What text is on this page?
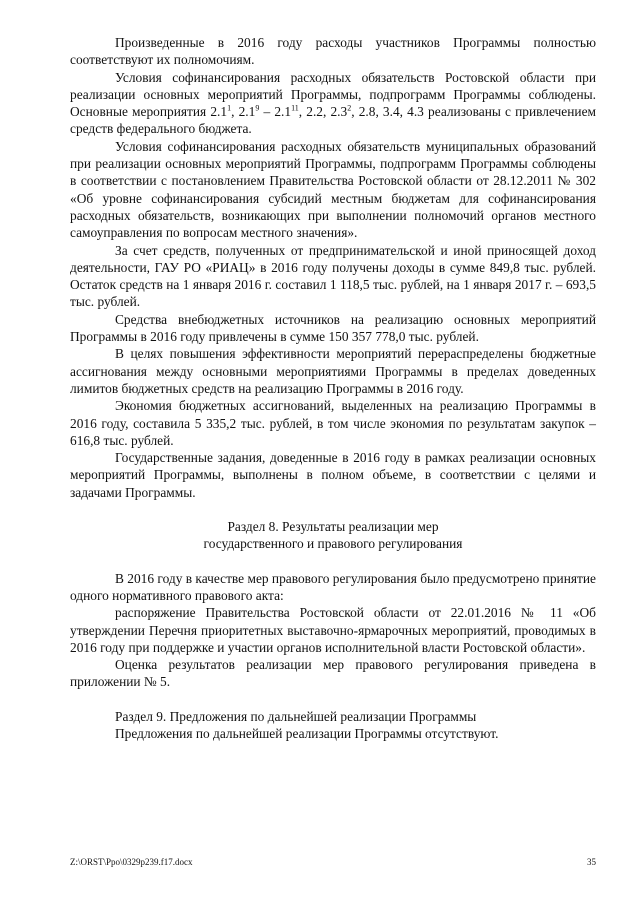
Произведенные в 2016 году расходы участников Программы полностью соответствуют их полномочиям.

Условия софинансирования расходных обязательств Ростовской области при реализации основных мероприятий Программы, подпрограмм Программы соблюдены. Основные мероприятия $2.1^1$, $2.1^9 - 2.1^{11}$, 2.2, $2.3^2$, 2.8, 3.4, 4.3 реализованы с привлечением средств федерального бюджета.

Условия софинансирования расходных обязательств муниципальных образований при реализации основных мероприятий Программы, подпрограмм Программы соблюдены в соответствии с постановлением Правительства Ростовской области от 28.12.2011 № 302 «Об уровне софинансирования субсидий местным бюджетам для софинансирования расходных обязательств, возникающих при выполнении полномочий органов местного самоуправления по вопросам местного значения».

За счет средств, полученных от предпринимательской и иной приносящей доход деятельности, ГАУ РО «РИАЦ» в 2016 году получены доходы в сумме 849,8 тыс. рублей. Остаток средств на 1 января 2016 г. составил 1 118,5 тыс. рублей, на 1 января 2017 г. – 693,5 тыс. рублей.

Средства внебюджетных источников на реализацию основных мероприятий Программы в 2016 году привлечены в сумме 150 357 778,0 тыс. рублей.

В целях повышения эффективности мероприятий перераспределены бюджетные ассигнования между основными мероприятиями Программы в пределах доведенных лимитов бюджетных средств на реализацию Программы в 2016 году.

Экономия бюджетных ассигнований, выделенных на реализацию Программы в 2016 году, составила 5 335,2 тыс. рублей, в том числе экономия по результатам закупок – 616,8 тыс. рублей.

Государственные задания, доведенные в 2016 году в рамках реализации основных мероприятий Программы, выполнены в полном объеме, в соответствии с целями и задачами Программы.

Раздел 8. Результаты реализации мер

государственного и правового регулирования

В 2016 году в качестве мер правового регулирования было предусмотрено принятие одного нормативного правового акта:

распоряжение Правительства Ростовской области от 22.01.2016 № 11 «Об утверждении Перечня приоритетных выставочно-ярмарочных мероприятий, проводимых в 2016 году при поддержке и участии органов исполнительной власти Ростовской области».

Оценка результатов реализации мер правового регулирования приведена в приложении № 5.

Раздел 9. Предложения по дальнейшей реализации Программы

Предложения по дальнейшей реализации Программы отсутствуют.

Z:\ORST\Ppo\0329p239.f17.docx	35
